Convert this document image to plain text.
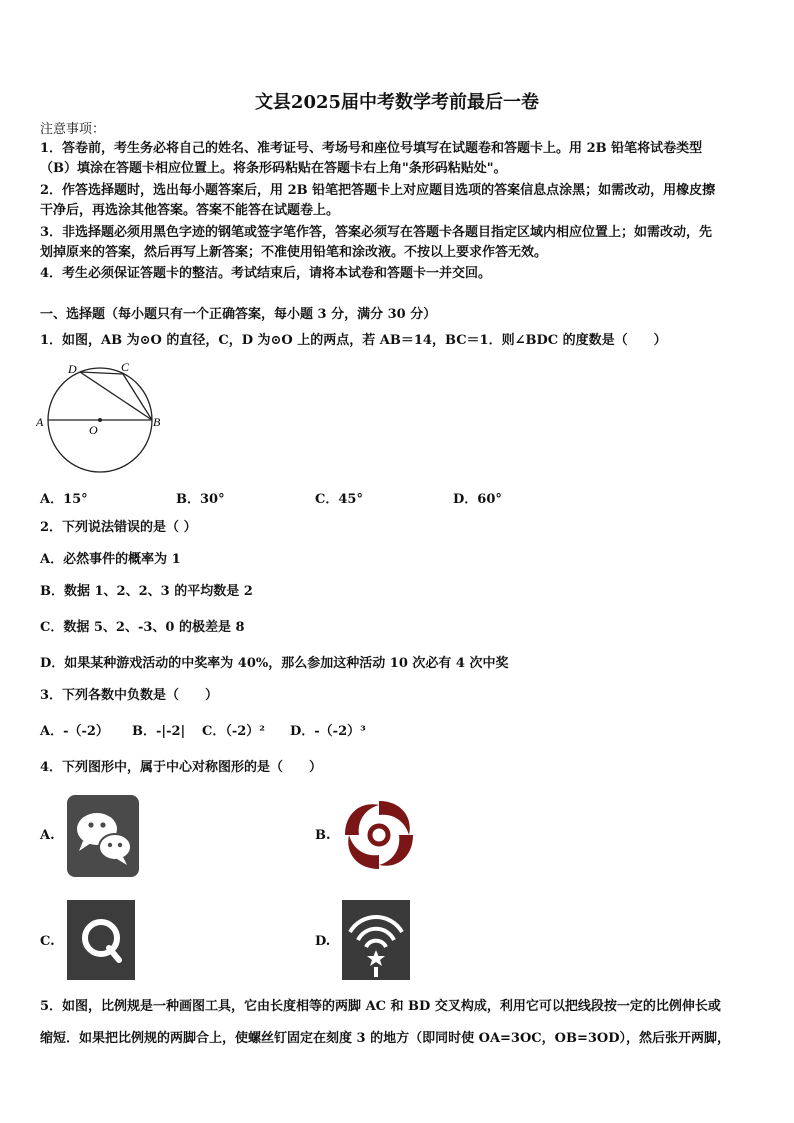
文县2025届中考数学考前最后一卷
注意事项：
1．答卷前，考生务必将自己的姓名、准考证号、考场号和座位号填写在试题卷和答题卡上。用 2B 铅笔将试卷类型
（B）填涂在答题卡相应位置上。将条形码粘贴在答题卡右上角"条形码粘贴处"。
2．作答选择题时，选出每小题答案后，用 2B 铅笔把答题卡上对应题目选项的答案信息点涂黑；如需改动，用橡皮擦
干净后，再选涂其他答案。答案不能答在试题卷上。
3．非选择题必须用黑色字迹的钢笔或签字笔作答，答案必须写在答题卡各题目指定区域内相应位置上；如需改动，先
划掉原来的答案，然后再写上新答案；不准使用铅笔和涂改液。不按以上要求作答无效。
4．考生必须保证答题卡的整洁。考试结束后，请将本试卷和答题卡一并交回。
一、选择题（每小题只有一个正确答案，每小题 3 分，满分 30 分）
1．如图，AB 为⊙O 的直径，C，D 为⊙O 上的两点，若 AB＝14，BC＝1．则∠BDC 的度数是（　　）
A	B
C
D
O
A．15°	B．30°	C．45°	D．60°
2．下列说法错误的是（ ）
A．必然事件的概率为 1
B．数据 1、2、2、3 的平均数是 2
C．数据 5、2、-3、0 的极差是 8
D．如果某种游戏活动的中奖率为 40%，那么参加这种活动 10 次必有 4 次中奖
3．下列各数中负数是（　　）
A．-（-2） B．-|-2| C．（-2）² D．-（-2）³
4．下列图形中，属于中心对称图形的是（　　）
A.	B.
C.	D.
5．如图，比例规是一种画图工具，它由长度相等的两脚 AC 和 BD 交叉构成，利用它可以把线段按一定的比例伸长或
缩短．如果把比例规的两脚合上，使螺丝钉固定在刻度 3 的地方（即同时使 OA=3OC，OB=3OD），然后张开两脚，
